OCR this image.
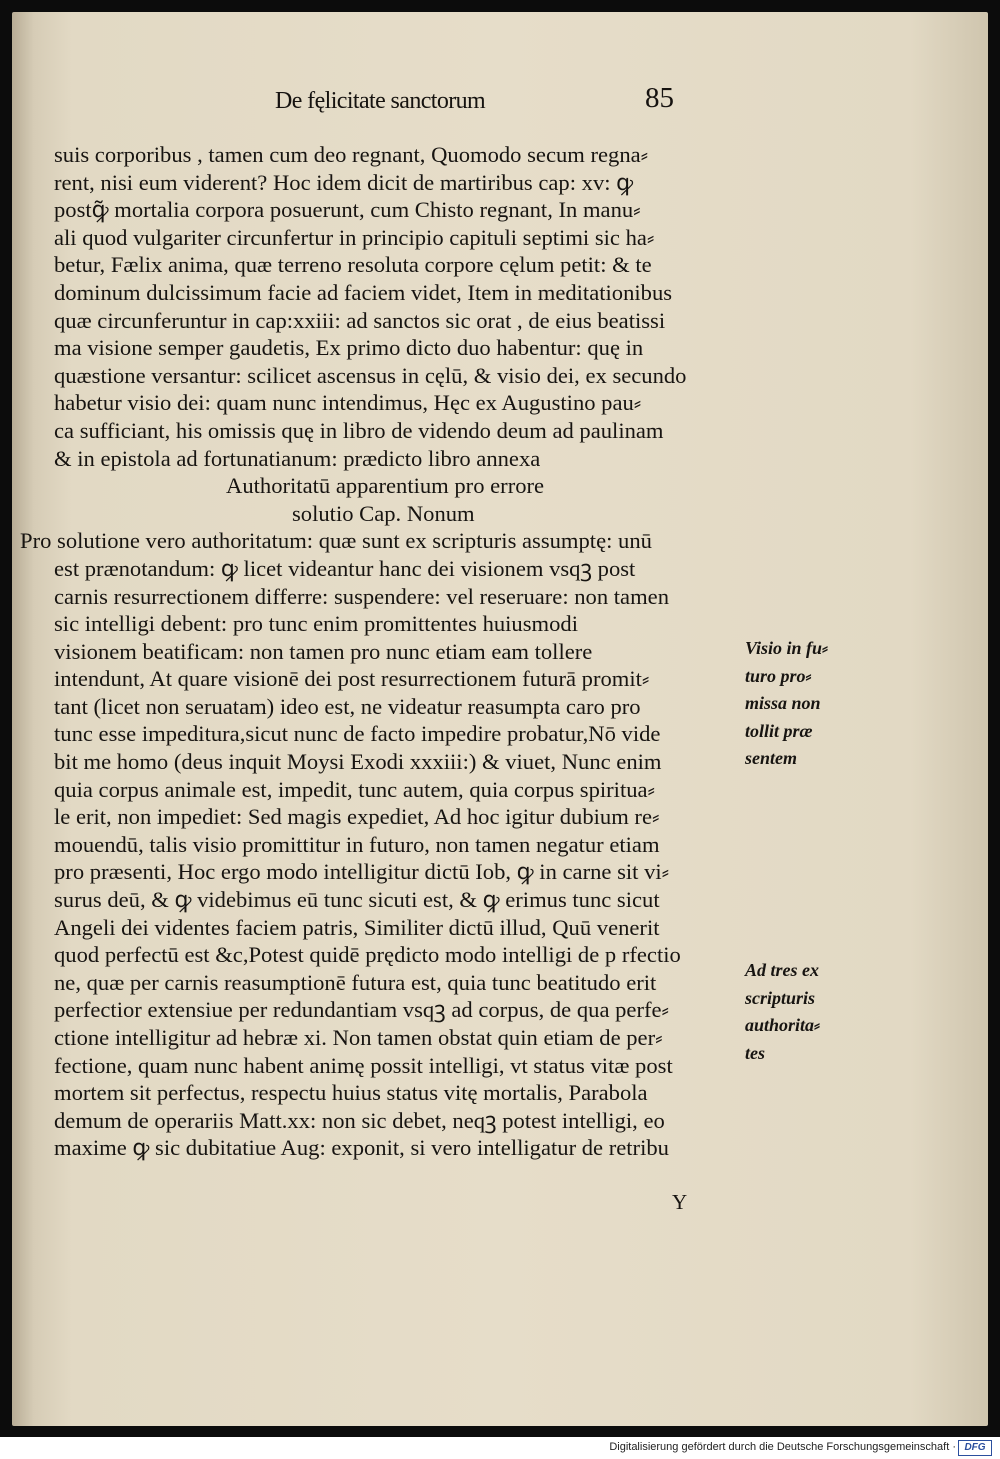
De fęlicitate sanctorum	85
suis corporibus , tamen cum deo regnant, Quomodo secum regna⸗
rent, nisi eum viderent? Hoc idem dicit de martiribus cap: xv: ꝙ
postꝙ̃ mortalia corpora posuerunt, cum Chisto regnant, In manu⸗
ali quod vulgariter circunfertur in principio capituli septimi sic ha⸗
betur, Fælix anima, quæ terreno resoluta corpore cęlum petit: & te
dominum dulcissimum facie ad faciem videt, Item in meditationibus
quæ circunferuntur in cap:xxiii: ad sanctos sic orat , de eius beatissi
ma visione semper gaudetis, Ex primo dicto duo habentur: quę in
quæstione versantur: scilicet ascensus in cęlū, & visio dei, ex secundo
habetur visio dei: quam nunc intendimus, Hęc ex Augustino pau⸗
ca sufficiant, his omissis quę in libro de videndo deum ad paulinam
& in epistola ad fortunatianum: prædicto libro annexa
Authoritatū apparentium pro errore
solutio Cap. Nonum
Pro solutione vero authoritatum: quæ sunt ex scripturis assumptę: unū
est prænotandum: ꝙ licet videantur hanc dei visionem vsqꝫ post
carnis resurrectionem differre: suspendere: vel reseruare: non tamen
sic intelligi debent: pro tunc enim promittentes huiusmodi
visionem beatificam: non tamen pro nunc etiam eam tollere
intendunt, At quare visionē dei post resurrectionem futurā promit⸗
tant (licet non seruatam) ideo est, ne videatur reasumpta caro pro
tunc esse impeditura,sicut nunc de facto impedire probatur,Nō vide
bit me homo (deus inquit Moysi Exodi xxxiii:) & viuet, Nunc enim
quia corpus animale est, impedit, tunc autem, quia corpus spiritua⸗
le erit, non impediet: Sed magis expediet, Ad hoc igitur dubium re⸗
mouendū, talis visio promittitur in futuro, non tamen negatur etiam
pro præsenti, Hoc ergo modo intelligitur dictū Iob, ꝙ in carne sit vi⸗
surus deū, & ꝙ videbimus eū tunc sicuti est, & ꝙ erimus tunc sicut
Angeli dei videntes faciem patris, Similiter dictū illud, Quū venerit
quod perfectū est &c,Potest quidē prędicto modo intelligi de p rfectio
ne, quæ per carnis reasumptionē futura est, quia tunc beatitudo erit
perfectior extensiue per redundantiam vsqꝫ ad corpus, de qua perfe⸗
ctione intelligitur ad hebræ xi. Non tamen obstat quin etiam de per⸗
fectione, quam nunc habent animę possit intelligi, vt status vitæ post
mortem sit perfectus, respectu huius status vitę mortalis, Parabola
demum de operariis Matt.xx: non sic debet, neqꝫ potest intelligi, eo
maxime ꝙ sic dubitatiue Aug: exponit, si vero intelligatur de retribu
Visio in fu⸗
turo pro⸗
missa non
tollit præ
sentem
Ad tres ex
scripturis
authorita⸗
tes
Y
Digitalisierung gefördert durch die Deutsche Forschungsgemeinschaft · DFG
